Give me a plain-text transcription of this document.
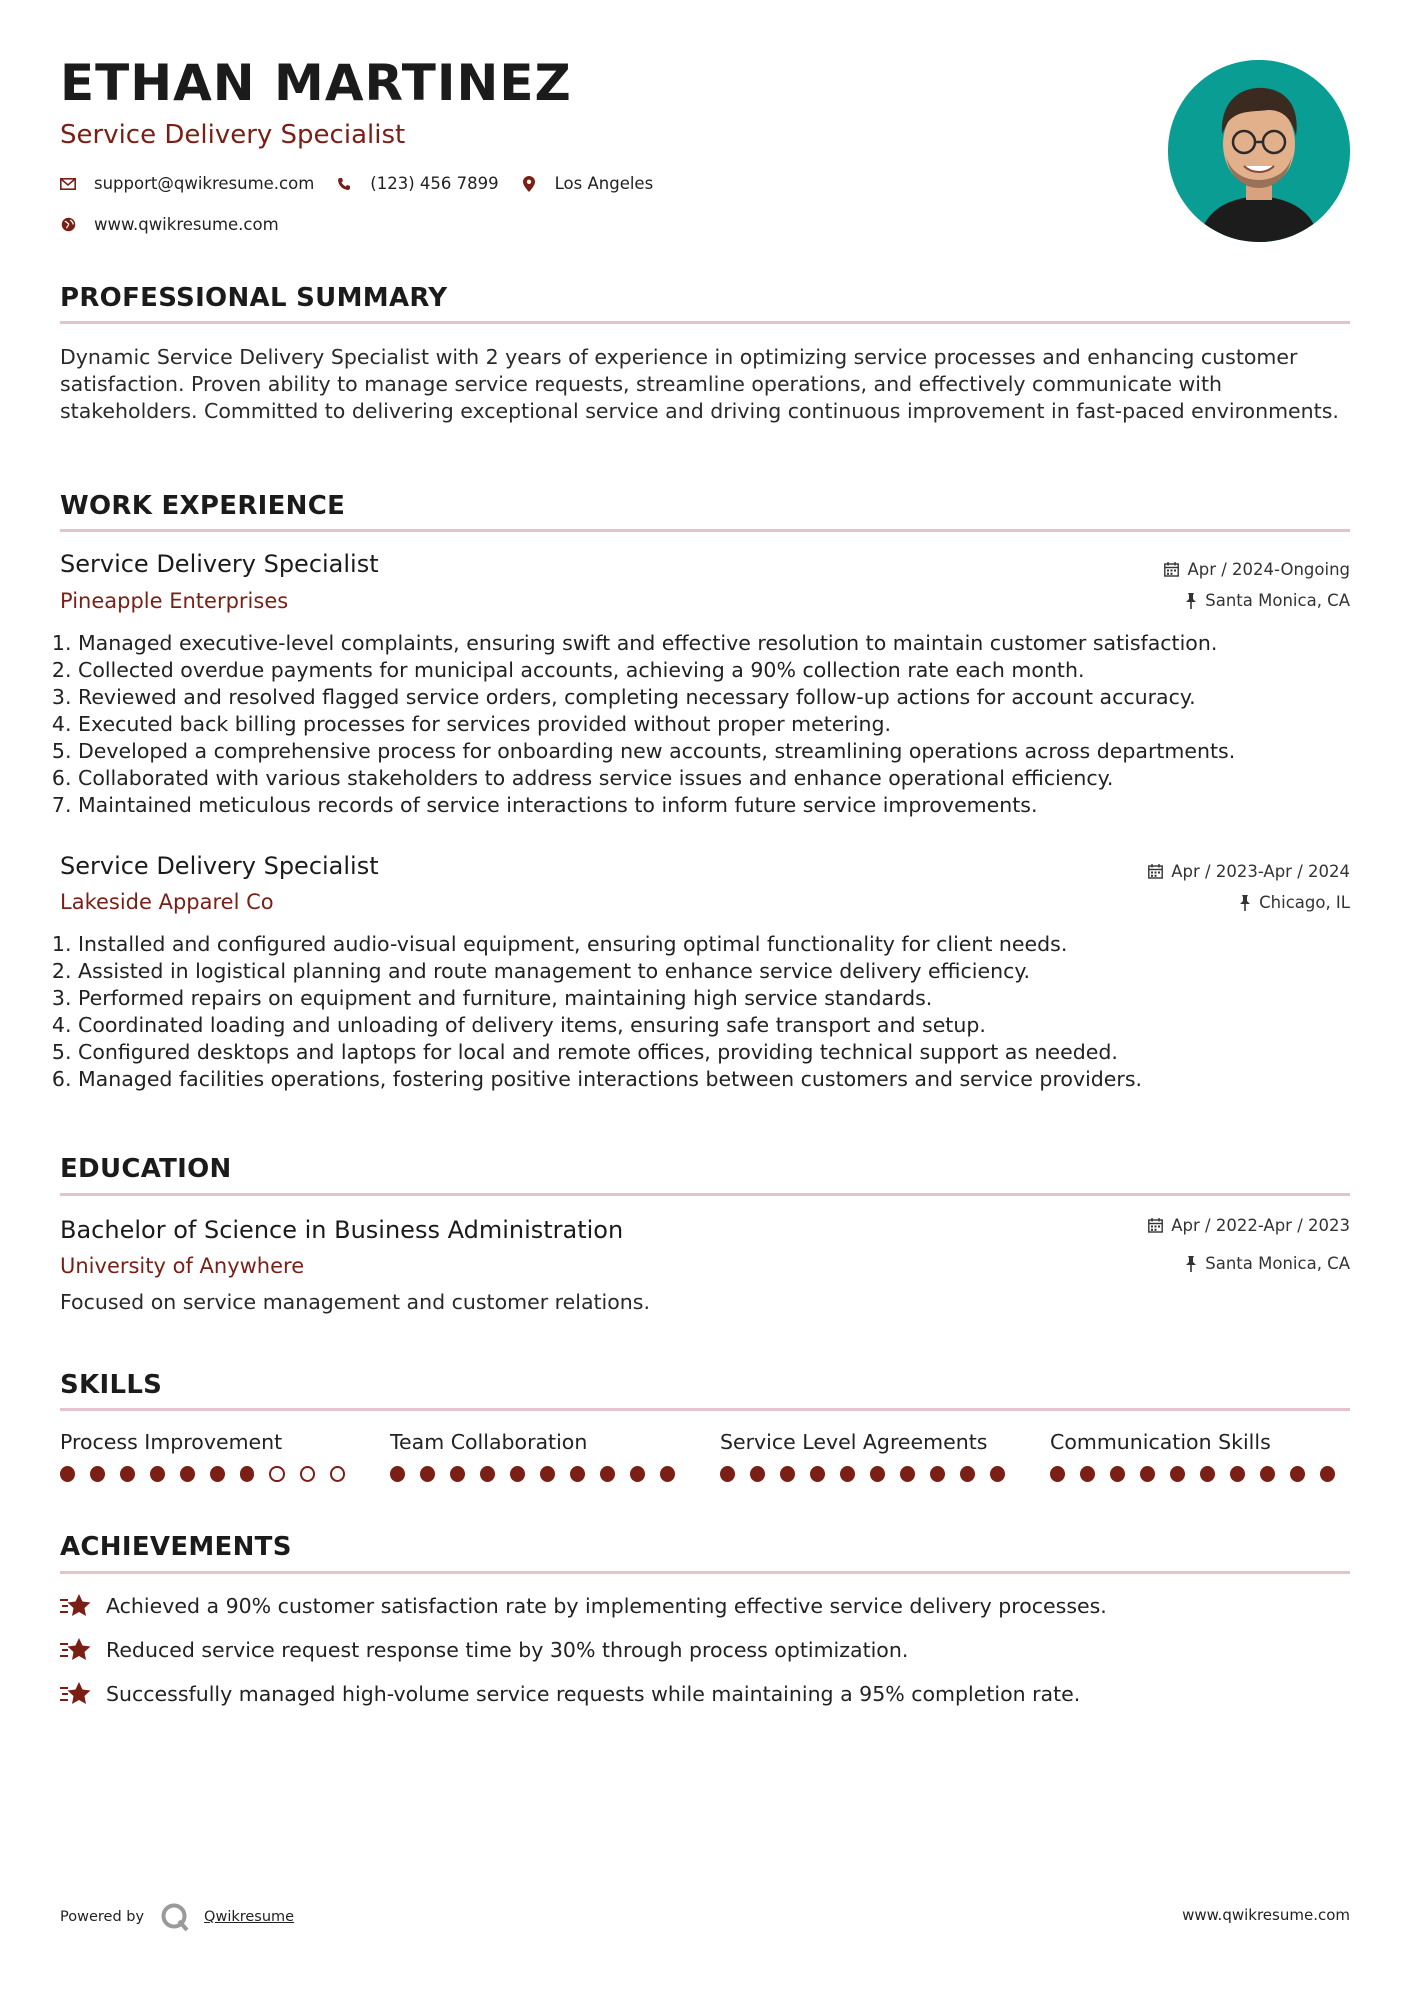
ETHAN MARTINEZ
Service Delivery Specialist
support@qwikresume.com	(123) 456 7899	Los Angeles
www.qwikresume.com
PROFESSIONAL SUMMARY
Dynamic Service Delivery Specialist with 2 years of experience in optimizing service processes and enhancing customer satisfaction. Proven ability to manage service requests, streamline operations, and effectively communicate with stakeholders. Committed to delivering exceptional service and driving continuous improvement in fast-paced environments.
WORK EXPERIENCE
Service Delivery Specialist
Pineapple Enterprises
Apr / 2024-Ongoing
Santa Monica, CA
1. Managed executive-level complaints, ensuring swift and effective resolution to maintain customer satisfaction.
2. Collected overdue payments for municipal accounts, achieving a 90% collection rate each month.
3. Reviewed and resolved flagged service orders, completing necessary follow-up actions for account accuracy.
4. Executed back billing processes for services provided without proper metering.
5. Developed a comprehensive process for onboarding new accounts, streamlining operations across departments.
6. Collaborated with various stakeholders to address service issues and enhance operational efficiency.
7. Maintained meticulous records of service interactions to inform future service improvements.
Service Delivery Specialist
Lakeside Apparel Co
Apr / 2023-Apr / 2024
Chicago, IL
1. Installed and configured audio-visual equipment, ensuring optimal functionality for client needs.
2. Assisted in logistical planning and route management to enhance service delivery efficiency.
3. Performed repairs on equipment and furniture, maintaining high service standards.
4. Coordinated loading and unloading of delivery items, ensuring safe transport and setup.
5. Configured desktops and laptops for local and remote offices, providing technical support as needed.
6. Managed facilities operations, fostering positive interactions between customers and service providers.
EDUCATION
Bachelor of Science in Business Administration
University of Anywhere
Apr / 2022-Apr / 2023
Santa Monica, CA
Focused on service management and customer relations.
SKILLS
Process Improvement	Team Collaboration	Service Level Agreements	Communication Skills
ACHIEVEMENTS
Achieved a 90% customer satisfaction rate by implementing effective service delivery processes.
Reduced service request response time by 30% through process optimization.
Successfully managed high-volume service requests while maintaining a 95% completion rate.
Powered by	Qwikresume	www.qwikresume.com
